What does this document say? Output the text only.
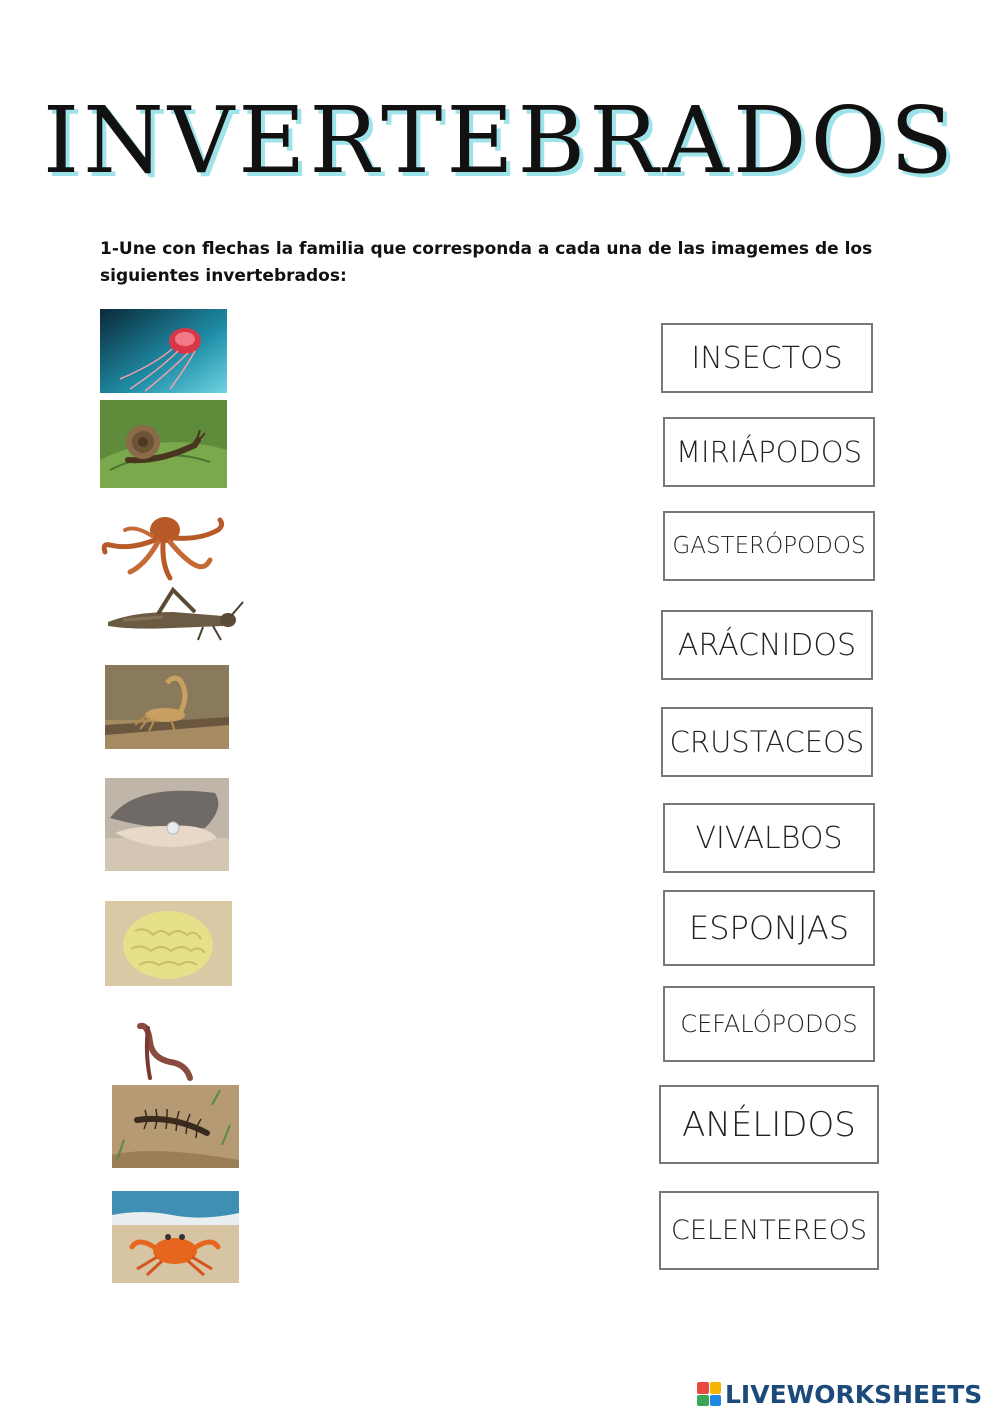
INVERTEBRADOS
1-Une con flechas la familia que corresponda a cada una de las imagemes de los siguientes invertebrados:
INSECTOS
MIRIÁPODOS
GASTERÓPODOS
ARÁCNIDOS
CRUSTACEOS
VIVALBOS
ESPONJAS
CEFALÓPODOS
ANÉLIDOS
CELENTEREOS
LIVEWORKSHEETS
